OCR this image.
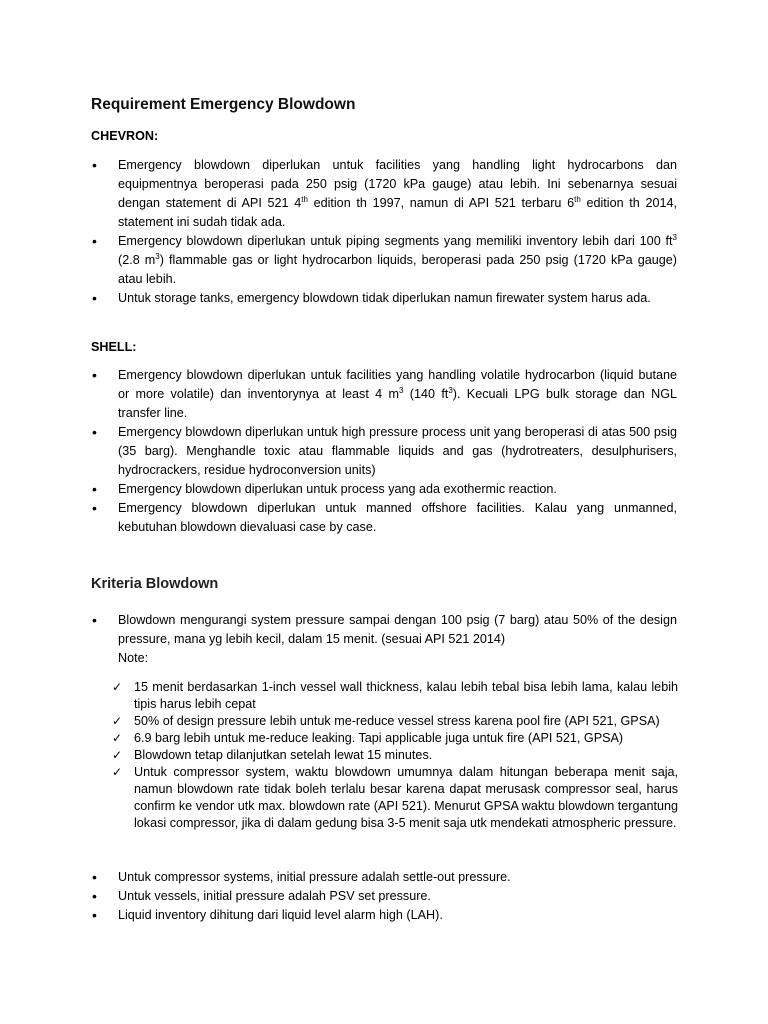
Requirement Emergency Blowdown
CHEVRON:
• Emergency blowdown diperlukan untuk facilities yang handling light hydrocarbons dan equipmentnya beroperasi pada 250 psig (1720 kPa gauge) atau lebih. Ini sebenarnya sesuai dengan statement di API 521 4th edition th 1997, namun di API 521 terbaru 6th edition th 2014, statement ini sudah tidak ada.
• Emergency blowdown diperlukan untuk piping segments yang memiliki inventory lebih dari 100 $ft^3$ (2.8 $m^3$) flammable gas or light hydrocarbon liquids, beroperasi pada 250 psig (1720 kPa gauge) atau lebih.
• Untuk storage tanks, emergency blowdown tidak diperlukan namun firewater system harus ada.
SHELL:
• Emergency blowdown diperlukan untuk facilities yang handling volatile hydrocarbon (liquid butane or more volatile) dan inventorynya at least 4 $m^3$ (140 $ft^3$). Kecuali LPG bulk storage dan NGL transfer line.
• Emergency blowdown diperlukan untuk high pressure process unit yang beroperasi di atas 500 psig (35 barg). Menghandle toxic atau flammable liquids and gas (hydrotreaters, desulphurisers, hydrocrackers, residue hydroconversion units)
• Emergency blowdown diperlukan untuk process yang ada exothermic reaction.
• Emergency blowdown diperlukan untuk manned offshore facilities. Kalau yang unmanned, kebutuhan blowdown dievaluasi case by case.
Kriteria Blowdown
• Blowdown mengurangi system pressure sampai dengan 100 psig (7 barg) atau 50% of the design pressure, mana yg lebih kecil, dalam 15 menit. (sesuai API 521 2014)
Note:
✓ 15 menit berdasarkan 1-inch vessel wall thickness, kalau lebih tebal bisa lebih lama, kalau lebih tipis harus lebih cepat
✓ 50% of design pressure lebih untuk me-reduce vessel stress karena pool fire (API 521, GPSA)
✓ 6.9 barg lebih untuk me-reduce leaking. Tapi applicable juga untuk fire (API 521, GPSA)
✓ Blowdown tetap dilanjutkan setelah lewat 15 minutes.
✓ Untuk compressor system, waktu blowdown umumnya dalam hitungan beberapa menit saja, namun blowdown rate tidak boleh terlalu besar karena dapat merusask compressor seal, harus confirm ke vendor utk max. blowdown rate (API 521). Menurut GPSA waktu blowdown tergantung lokasi compressor, jika di dalam gedung bisa 3-5 menit saja utk mendekati atmospheric pressure.
• Untuk compressor systems, initial pressure adalah settle-out pressure.
• Untuk vessels, initial pressure adalah PSV set pressure.
• Liquid inventory dihitung dari liquid level alarm high (LAH).
